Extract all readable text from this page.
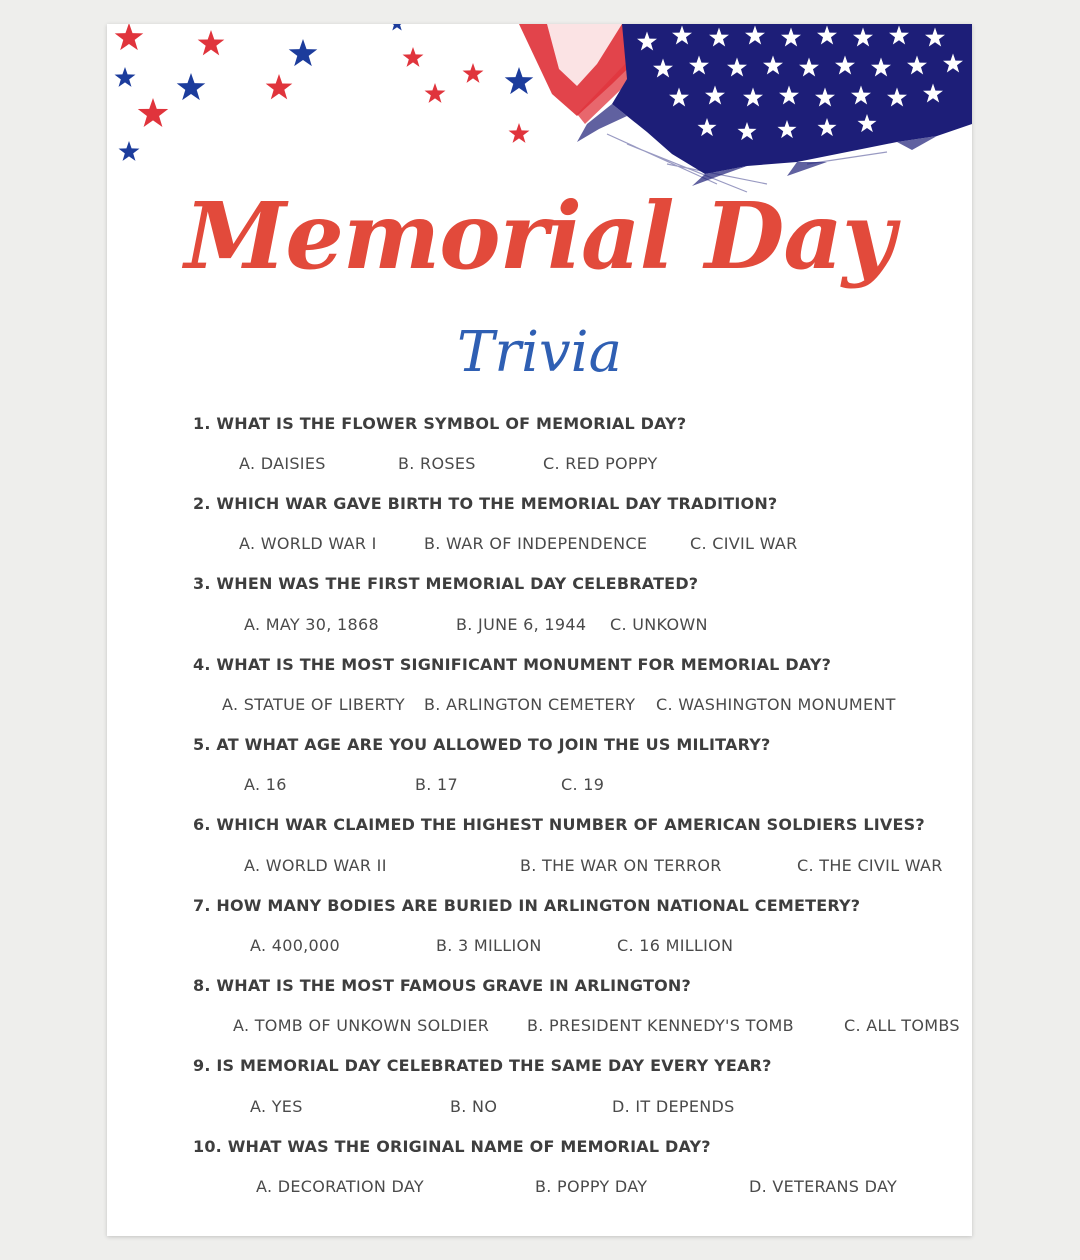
Memorial Day
Trivia
1. WHAT IS THE FLOWER SYMBOL OF MEMORIAL DAY?
A. DAISIES	B. ROSES	C. RED POPPY
2. WHICH WAR GAVE BIRTH TO THE MEMORIAL DAY TRADITION?
A. WORLD WAR I	B. WAR OF INDEPENDENCE	C. CIVIL WAR
3. WHEN WAS THE FIRST MEMORIAL DAY CELEBRATED?
A. MAY 30, 1868	B. JUNE 6, 1944 C. UNKOWN
4. WHAT IS THE MOST SIGNIFICANT MONUMENT FOR MEMORIAL DAY?
A. STATUE OF LIBERTY B. ARLINGTON CEMETERY C. WASHINGTON MONUMENT
5. AT WHAT AGE ARE YOU ALLOWED TO JOIN THE US MILITARY?
A. 16	B. 17	C. 19
6. WHICH WAR CLAIMED THE HIGHEST NUMBER OF AMERICAN SOLDIERS LIVES?
A. WORLD WAR II	B. THE WAR ON TERROR	C. THE CIVIL WAR
7. HOW MANY BODIES ARE BURIED IN ARLINGTON NATIONAL CEMETERY?
A. 400,000	B. 3 MILLION	C. 16 MILLION
8. WHAT IS THE MOST FAMOUS GRAVE IN ARLINGTON?
A. TOMB OF UNKOWN SOLDIER B. PRESIDENT KENNEDY'S TOMB	C. ALL TOMBS
9. IS MEMORIAL DAY CELEBRATED THE SAME DAY EVERY YEAR?
A. YES	B. NO	D. IT DEPENDS
10. WHAT WAS THE ORIGINAL NAME OF MEMORIAL DAY?
A. DECORATION DAY	B. POPPY DAY	D. VETERANS DAY
